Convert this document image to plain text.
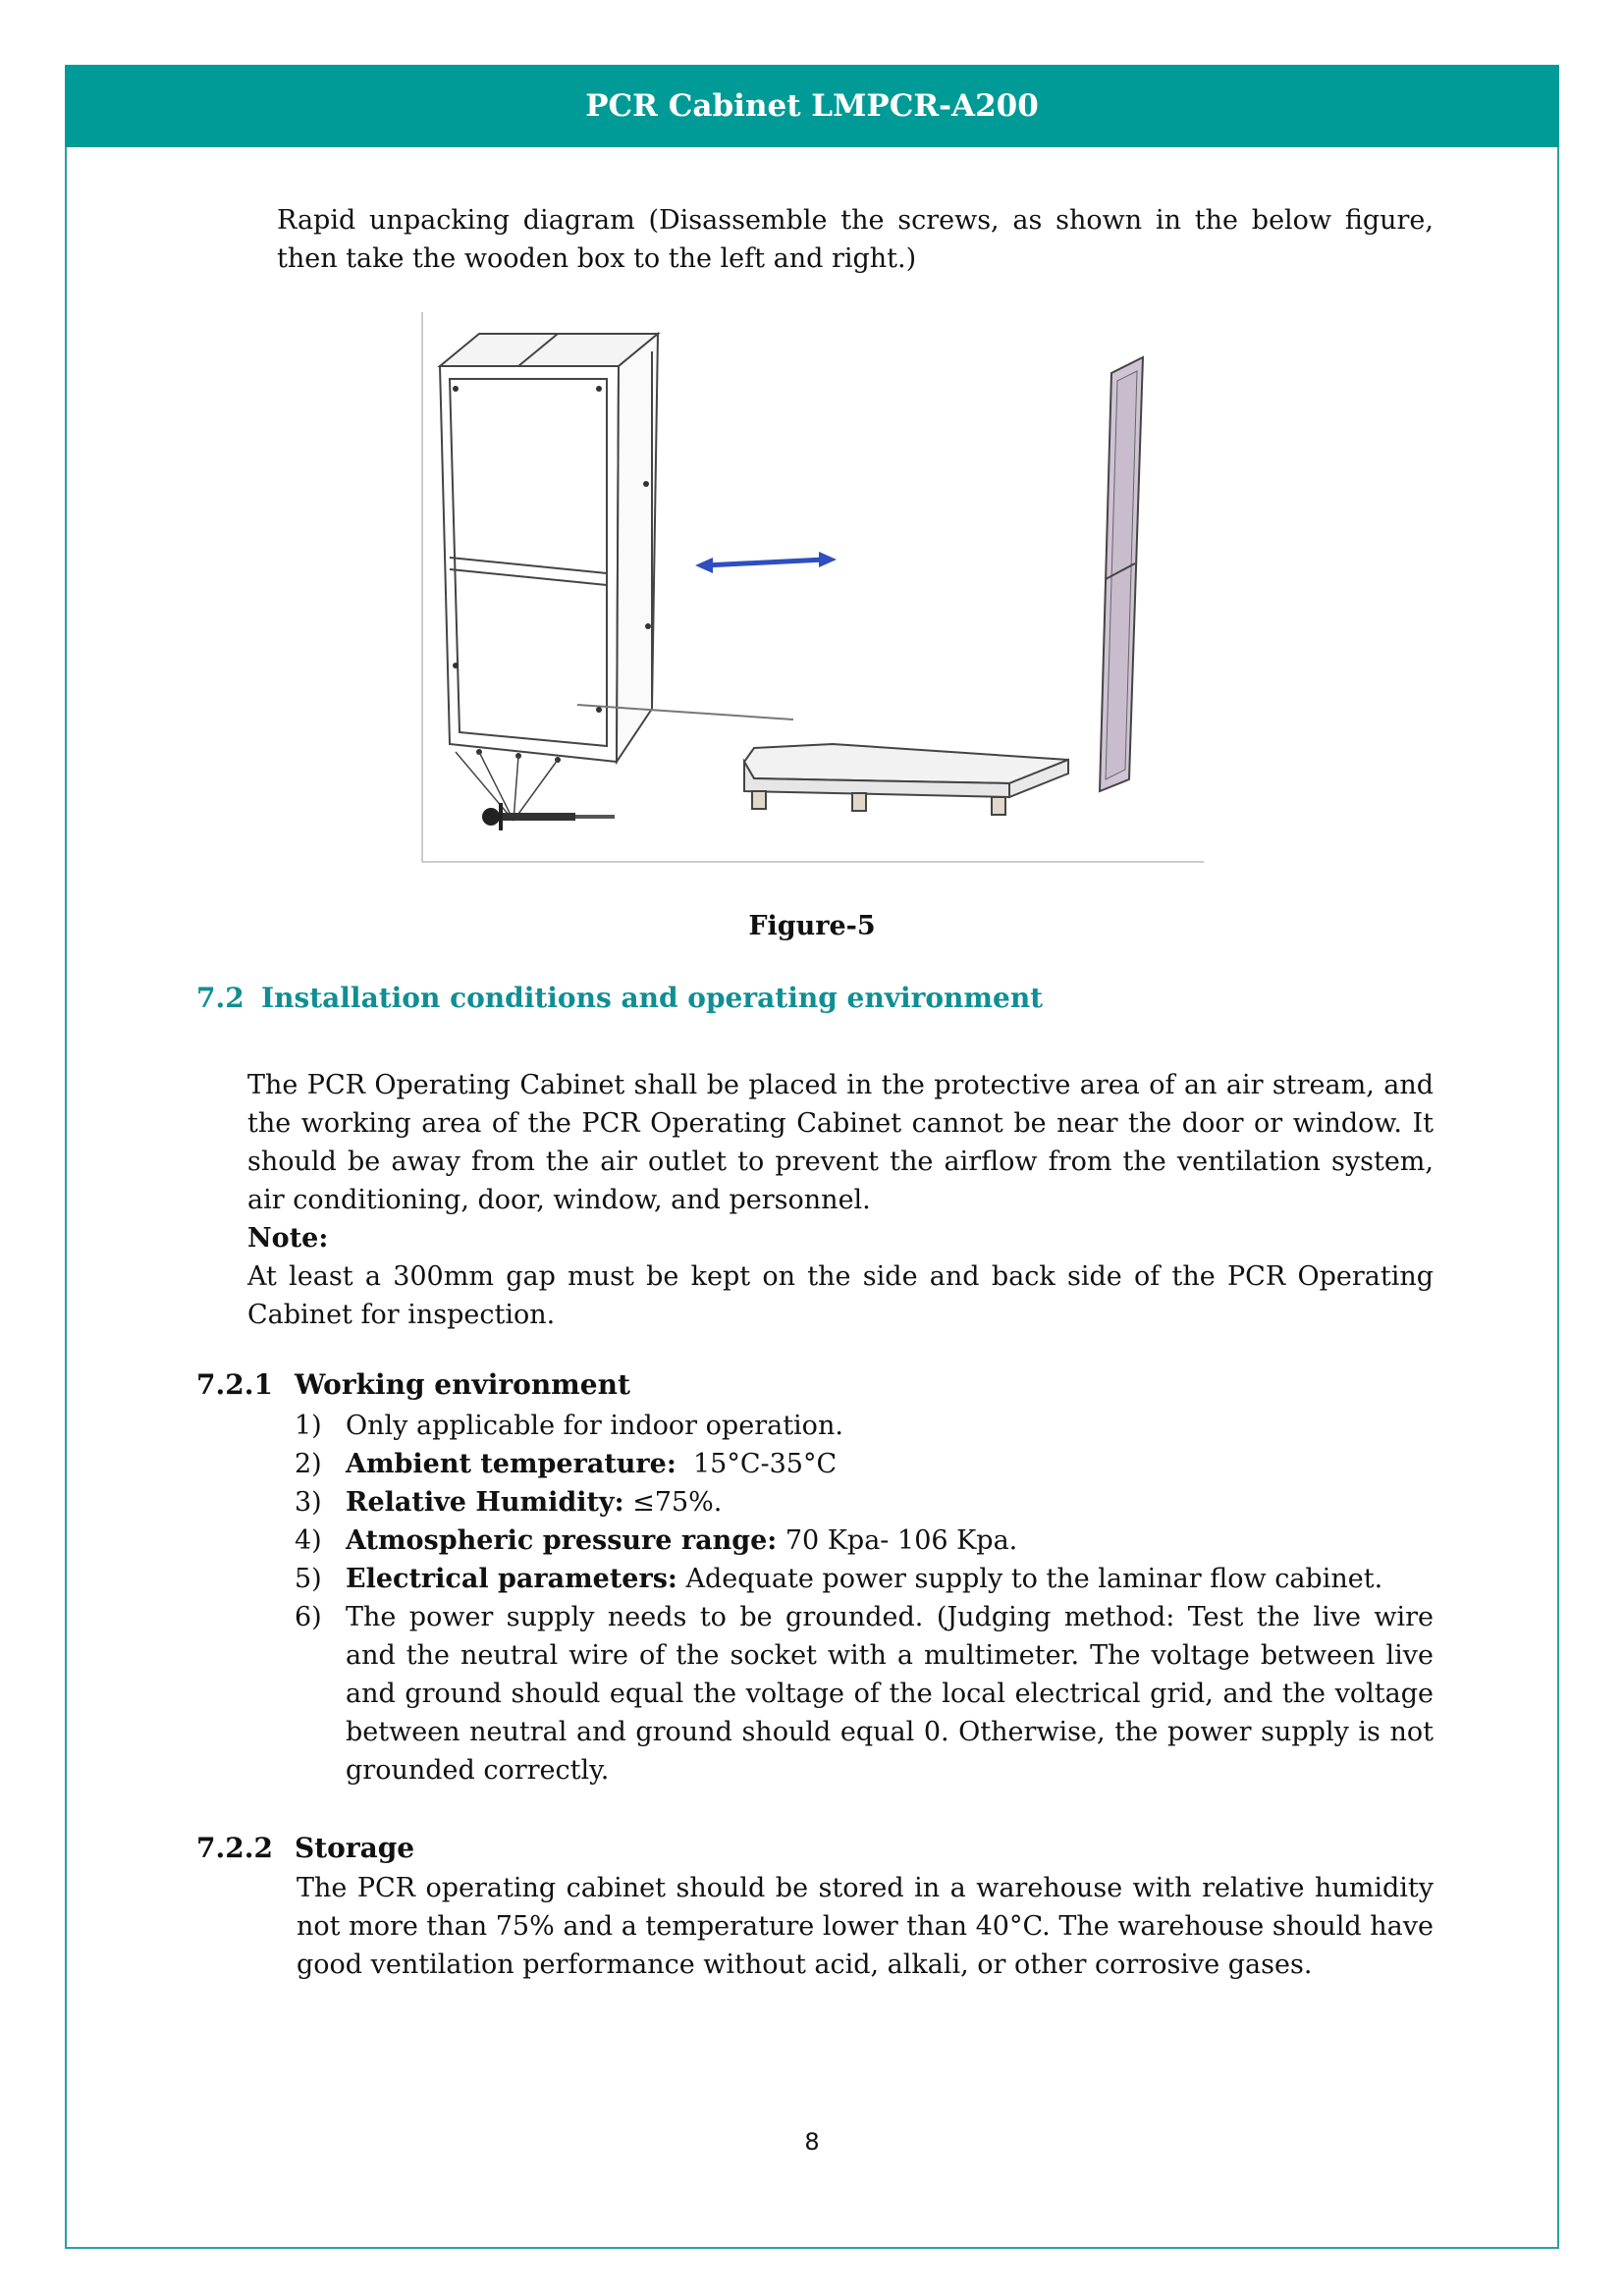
PCR Cabinet LMPCR-A200
Rapid unpacking diagram (Disassemble the screws, as shown in the below figure, then take the wooden box to the left and right.)
Figure-5
7.2 Installation conditions and operating environment
The PCR Operating Cabinet shall be placed in the protective area of an air stream, and the working area of the PCR Operating Cabinet cannot be near the door or window. It should be away from the air outlet to prevent the airflow from the ventilation system, air conditioning, door, window, and personnel.
Note:
At least a 300mm gap must be kept on the side and back side of the PCR Operating Cabinet for inspection.
7.2.1 Working environment
1) Only applicable for indoor operation.
2) Ambient temperature:  15°C-35°C
3) Relative Humidity: ≤75%.
4) Atmospheric pressure range: 70 Kpa- 106 Kpa.
5) Electrical parameters: Adequate power supply to the laminar flow cabinet.
6) The power supply needs to be grounded. (Judging method: Test the live wire and the neutral wire of the socket with a multimeter. The voltage between live and ground should equal the voltage of the local electrical grid, and the voltage between neutral and ground should equal 0. Otherwise, the power supply is not grounded correctly.
7.2.2 Storage
The PCR operating cabinet should be stored in a warehouse with relative humidity not more than 75% and a temperature lower than 40°C. The warehouse should have good ventilation performance without acid, alkali, or other corrosive gases.
8
